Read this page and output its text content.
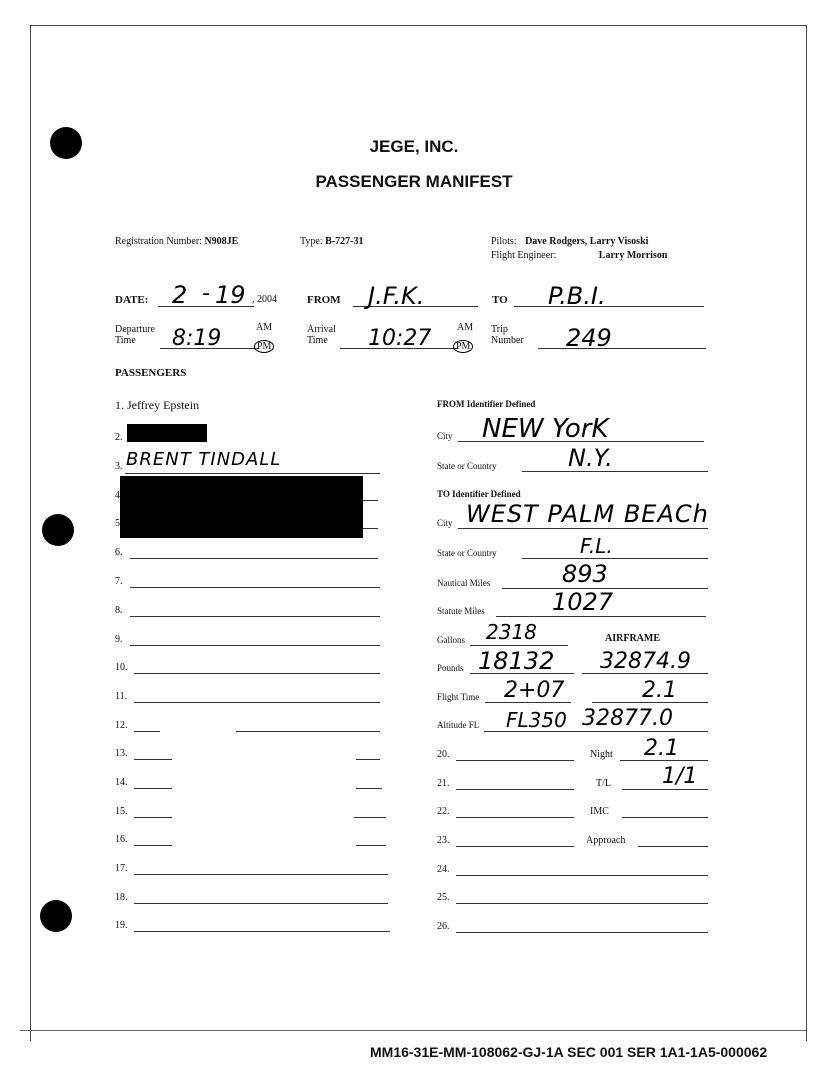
JEGE, INC.
PASSENGER MANIFEST
Registration Number: N908JE	Type: B-727-31	Pilots: Dave Rodgers, Larry Visoski
Flight Engineer:	Larry Morrison
DATE: 2 - 19 , 2004	FROM J.F.K.	TO P.B.I.
Departure
Time	8:19	AM
PM
Arrival
Time	10:27	AM
PM
Trip
Number 249
PASSENGERS
1. Jeffrey Epstein
2.
3. BRENT TINDALL
4
5
6.
7.
8.
9.
10.
11.
12.
13.
14.
15.
16.
17.
18.
19.
FROM Identifier Defined
City NEW YorK
State or Country	N.Y.
TO Identifier Defined
City WEST PALM BEACh
State or Country	F.L.
Nautical Miles	893
Statute Miles	1027
Gallons 2318	AIRFRAME
Pounds 18132 32874.9
Flight Time 2+07	2.1
Altitude FL FL350 32877.0
20.	Night 2.1
21.	T/L 1/1
22.	IMC
23.	Approach
24.
25.
26.
MM16-31E-MM-108062-GJ-1A SEC 001 SER 1A1-1A5-000062
